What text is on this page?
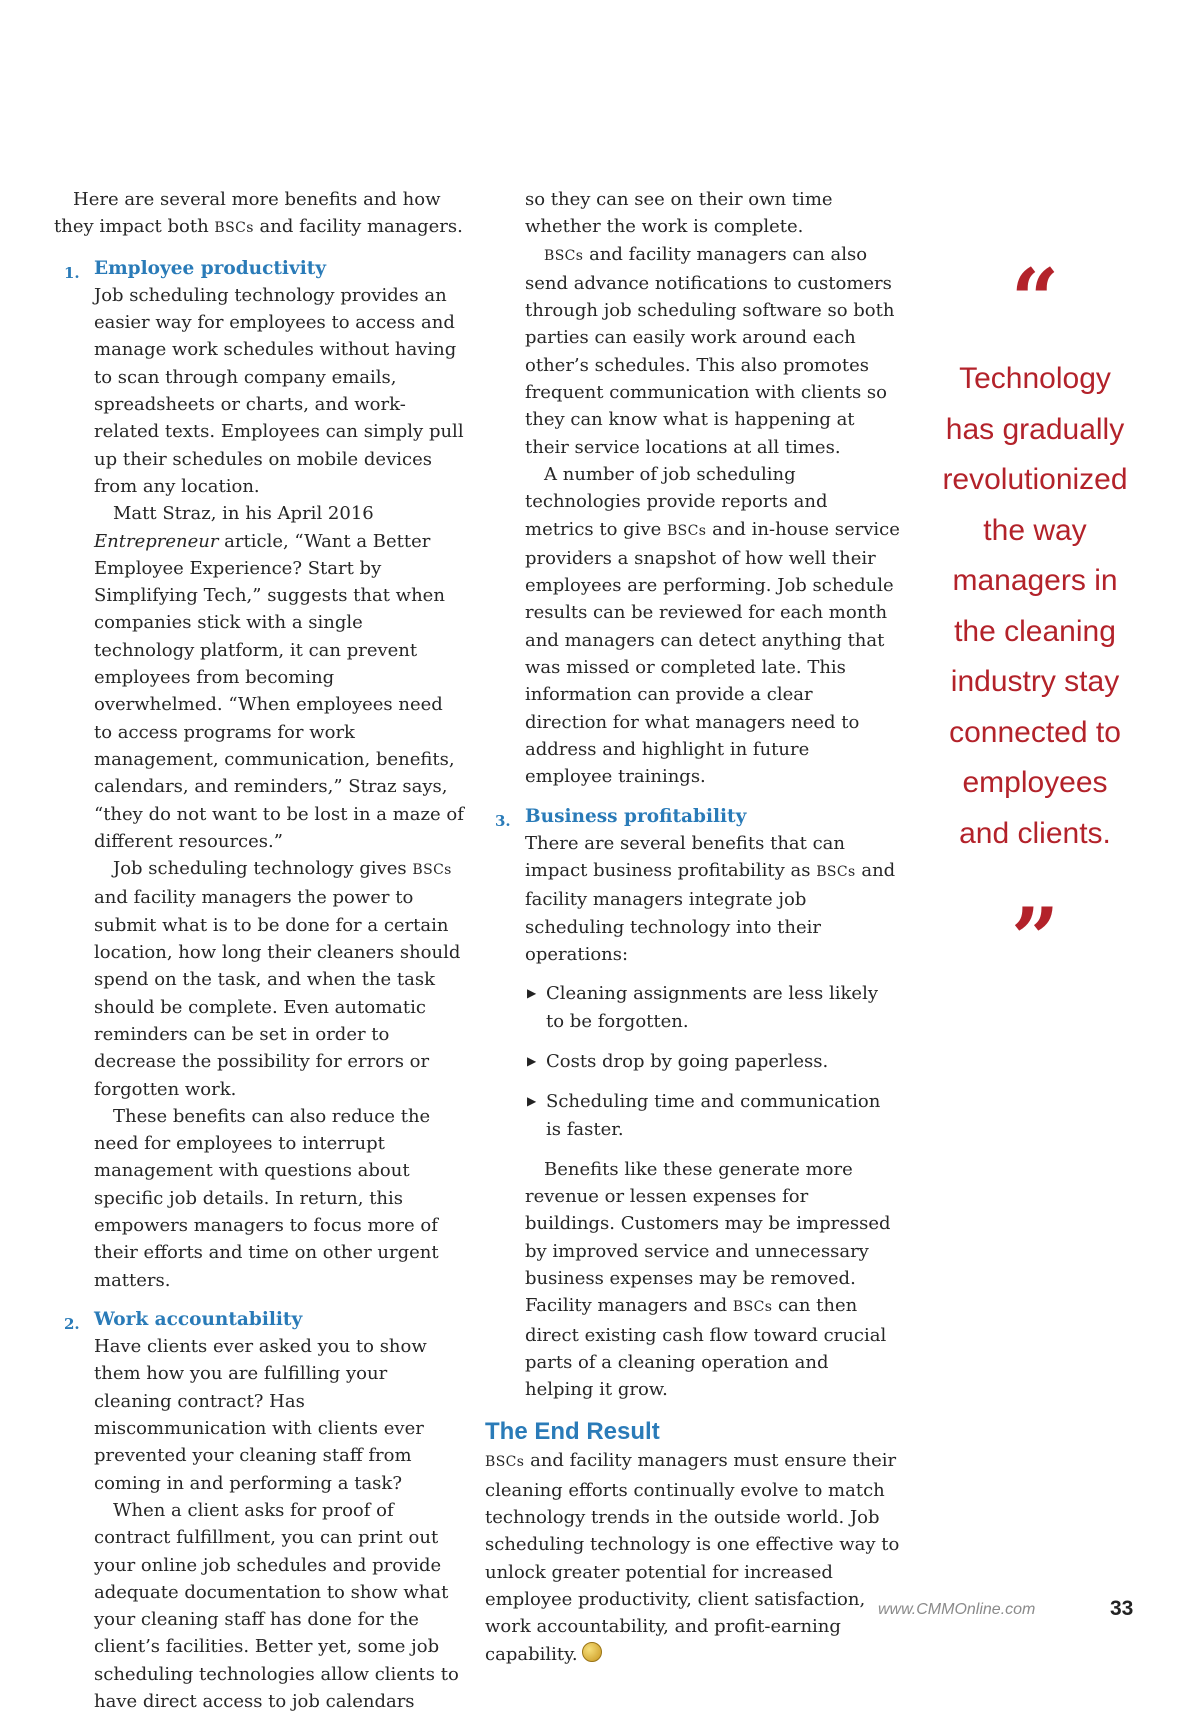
Here are several more benefits and how they impact both BSCs and facility managers.

1. Employee productivity

Job scheduling technology provides an easier way for employees to access and manage work schedules without having to scan through company emails, spreadsheets or charts, and work-related texts. Employees can simply pull up their schedules on mobile devices from any location.

Matt Straz, in his April 2016 Entrepreneur article, “Want a Better Employee Experience? Start by Simplifying Tech,” suggests that when companies stick with a single technology platform, it can prevent employees from becoming overwhelmed. “When employees need to access programs for work management, communication, benefits, calendars, and reminders,” Straz says, “they do not want to be lost in a maze of different resources.”

Job scheduling technology gives BSCs and facility managers the power to submit what is to be done for a certain location, how long their cleaners should spend on the task, and when the task should be complete. Even automatic reminders can be set in order to decrease the possibility for errors or forgotten work.

These benefits can also reduce the need for employees to interrupt management with questions about specific job details. In return, this empowers managers to focus more of their efforts and time on other urgent matters.

2. Work accountability

Have clients ever asked you to show them how you are fulfilling your cleaning contract? Has miscommunication with clients ever prevented your cleaning staff from coming in and performing a task?

When a client asks for proof of contract fulfillment, you can print out your online job schedules and provide adequate documentation to show what your cleaning staff has done for the client’s facilities. Better yet, some job scheduling technologies allow clients to have direct access to job calendars

so they can see on their own time whether the work is complete.

BSCs and facility managers can also send advance notifications to customers through job scheduling software so both parties can easily work around each other’s schedules. This also promotes frequent communication with clients so they can know what is happening at their service locations at all times.

A number of job scheduling technologies provide reports and metrics to give BSCs and in-house service providers a snapshot of how well their employees are performing. Job schedule results can be reviewed for each month and managers can detect anything that was missed or completed late. This information can provide a clear direction for what managers need to address and highlight in future employee trainings.

3. Business profitability

There are several benefits that can impact business profitability as BSCs and facility managers integrate job scheduling technology into their operations:

▶ Cleaning assignments are less likely to be forgotten.
▶ Costs drop by going paperless.
▶ Scheduling time and communication is faster.

Benefits like these generate more revenue or lessen expenses for buildings. Customers may be impressed by improved service and unnecessary business expenses may be removed. Facility managers and BSCs can then direct existing cash flow toward crucial parts of a cleaning operation and helping it grow.

The End Result

BSCs and facility managers must ensure their cleaning efforts continually evolve to match technology trends in the outside world. Job scheduling technology is one effective way to unlock greater potential for increased employee productivity, client satisfaction, work accountability, and profit-earning capability.

“
Technology
has gradually
revolutionized
the way
managers in
the cleaning
industry stay
connected to
employees
and clients.
”
www.CMMOnline.com	33
